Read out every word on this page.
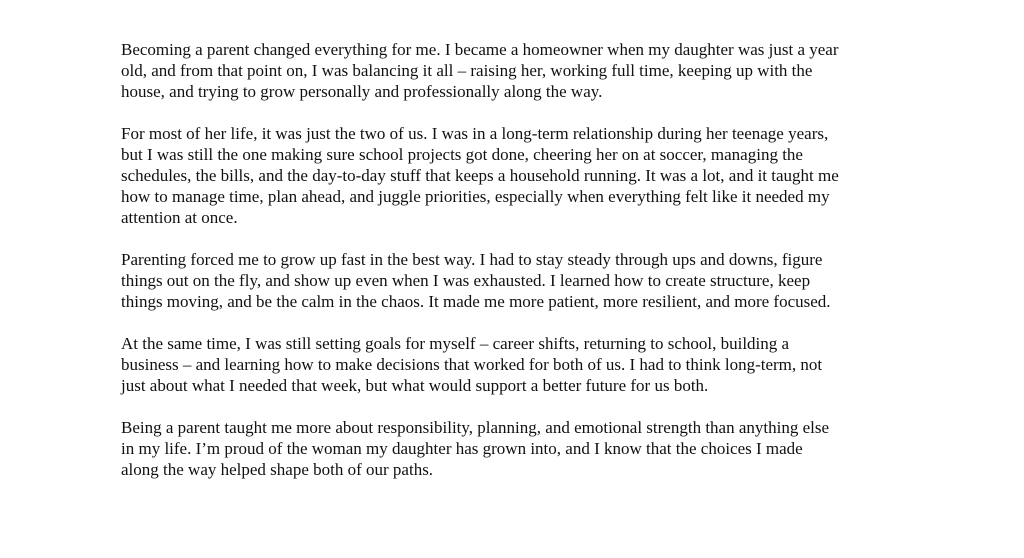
Becoming a parent changed everything for me. I became a homeowner when my daughter was just a year
old, and from that point on, I was balancing it all – raising her, working full time, keeping up with the
house, and trying to grow personally and professionally along the way.

For most of her life, it was just the two of us. I was in a long-term relationship during her teenage years,
but I was still the one making sure school projects got done, cheering her on at soccer, managing the
schedules, the bills, and the day-to-day stuff that keeps a household running. It was a lot, and it taught me
how to manage time, plan ahead, and juggle priorities, especially when everything felt like it needed my
attention at once.

Parenting forced me to grow up fast in the best way. I had to stay steady through ups and downs, figure
things out on the fly, and show up even when I was exhausted. I learned how to create structure, keep
things moving, and be the calm in the chaos. It made me more patient, more resilient, and more focused.

At the same time, I was still setting goals for myself – career shifts, returning to school, building a
business – and learning how to make decisions that worked for both of us. I had to think long-term, not
just about what I needed that week, but what would support a better future for us both.

Being a parent taught me more about responsibility, planning, and emotional strength than anything else
in my life. I’m proud of the woman my daughter has grown into, and I know that the choices I made
along the way helped shape both of our paths.
